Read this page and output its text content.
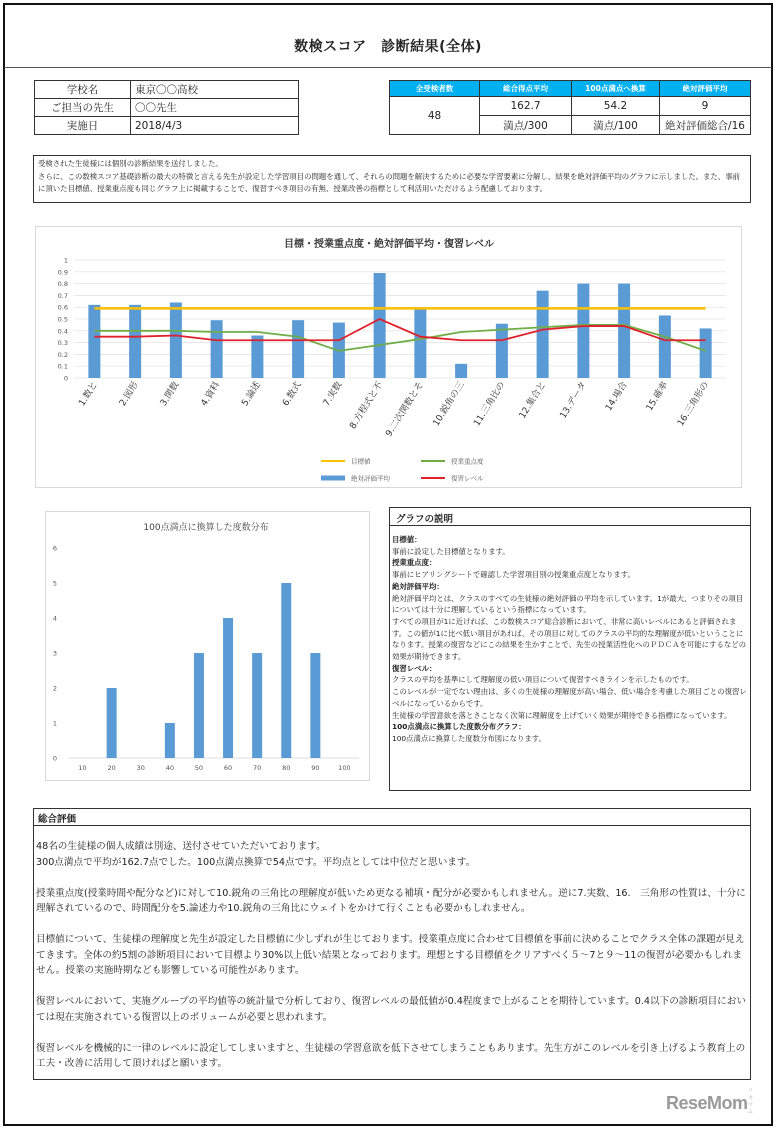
数検スコア　診断結果(全体)
学校名	東京〇〇高校
ご担当の先生	〇〇先生
実施日	2018/4/3
全受検者数	総合得点平均	100点満点へ換算	絶対評価平均
48	162.7	54.2	9
	満点/300	満点/100	絶対評価総合/16
受検された生徒様には個別の診断結果を送付しました。
さらに、この数検スコア基礎診断の最大の特徴と言える先生が設定した学習項目の問題を通して、それらの問題を解決するために必要な学習要素に分解し、結果を絶対評価平均のグラフに示しました。また、事前に頂いた目標値、授業重点度も同じグラフ上に掲載することで、復習すべき項目の有無、授業改善の指標として利活用いただけるよう配慮しております。
目標・授業重点度・絶対評価平均・復習レベル
0
0.1
0.2
0.3
0.4
0.5
0.6
0.7
0.8
0.9
1
1.数と 2.図形 3.関数 4.資料 5.論述 6.数式 7.実数 8.方程式と不 9.二次関数とそ 10.鋭角の三 11.三角比の 12.集合と 13.データ 14.場合 15.確率 16.三角形の
目標値	授業重点度
絶対評価平均	復習レベル
100点満点に換算した度数分布
0
1
2
3
4
5
6
10	20	30	40	50	60	70	80	90	100
グラフの説明
目標値：
事前に設定した目標値となります。
授業重点度：
事前にヒアリングシートで確認した学習項目別の授業重点度となります。
絶対評価平均：
絶対評価平均とは、クラスのすべての生徒様の絶対評価の平均を示しています。1が最大、つまりその項目については十分に理解しているという指標になっています。
すべての項目が1に近ければ、この数検スコア総合診断において、非常に高いレベルにあると評価されます。この値が1に比べ低い項目があれば、その項目に対してのクラスの平均的な理解度が低いということになります。授業の復習などにこの結果を生かすことで、先生の授業活性化へのＰＤＣＡを可能にするなどの効果が期待できます。
復習レベル：
クラスの平均を基準にして理解度の低い項目について復習すべきラインを示したものです。
このレベルが一定でない理由は、多くの生徒様の理解度が高い場合、低い場合を考慮した項目ごとの復習レベルになっているからです。
生徒様の学習意欲を落とさことなく次第に理解度を上げていく効果が期待できる指標になっています。
100点満点に換算した度数分布グラフ：
100点満点に換算した度数分布図になります。
総合評価

48名の生徒様の個人成績は別途、送付させていただいております。
300点満点で平均が162.7点でした。100点満点換算で54点です。平均点としては中位だと思います。

授業重点度(授業時間や配分など)に対して10.鋭角の三角比の理解度が低いため更なる補填・配分が必要かもしれません。逆に7.実数、16.　三角形の性質は、十分に理解されているので、時間配分を5.論述力や10.鋭角の三角比にウェイトをかけて行くことも必要かもしれません。

目標値について、生徒様の理解度と先生が設定した目標値に少しずれが生じております。授業重点度に合わせて目標値を事前に決めることでクラス全体の課題が見えてきます。全体の約5割の診断項目において目標より30%以上低い結果となっております。理想とする目標値をクリアすべく５～7と９～11の復習が必要かもしれません。授業の実施時期なども影響している可能性があります。

復習レベルにおいて、実施グループの平均値等の統計量で分析しており、復習レベルの最低値が0.4程度まで上がることを期待しています。0.4以下の診断項目においては現在実施されている復習以上のボリュームが必要と思われます。

復習レベルを機械的に一律のレベルに設定してしまいますと、生徒様の学習意欲を低下させてしまうこともあります。先生方がこのレベルを引き上げるよう教育上の工夫・改善に活用して頂ければと願います。

ReseMom
リセマム
